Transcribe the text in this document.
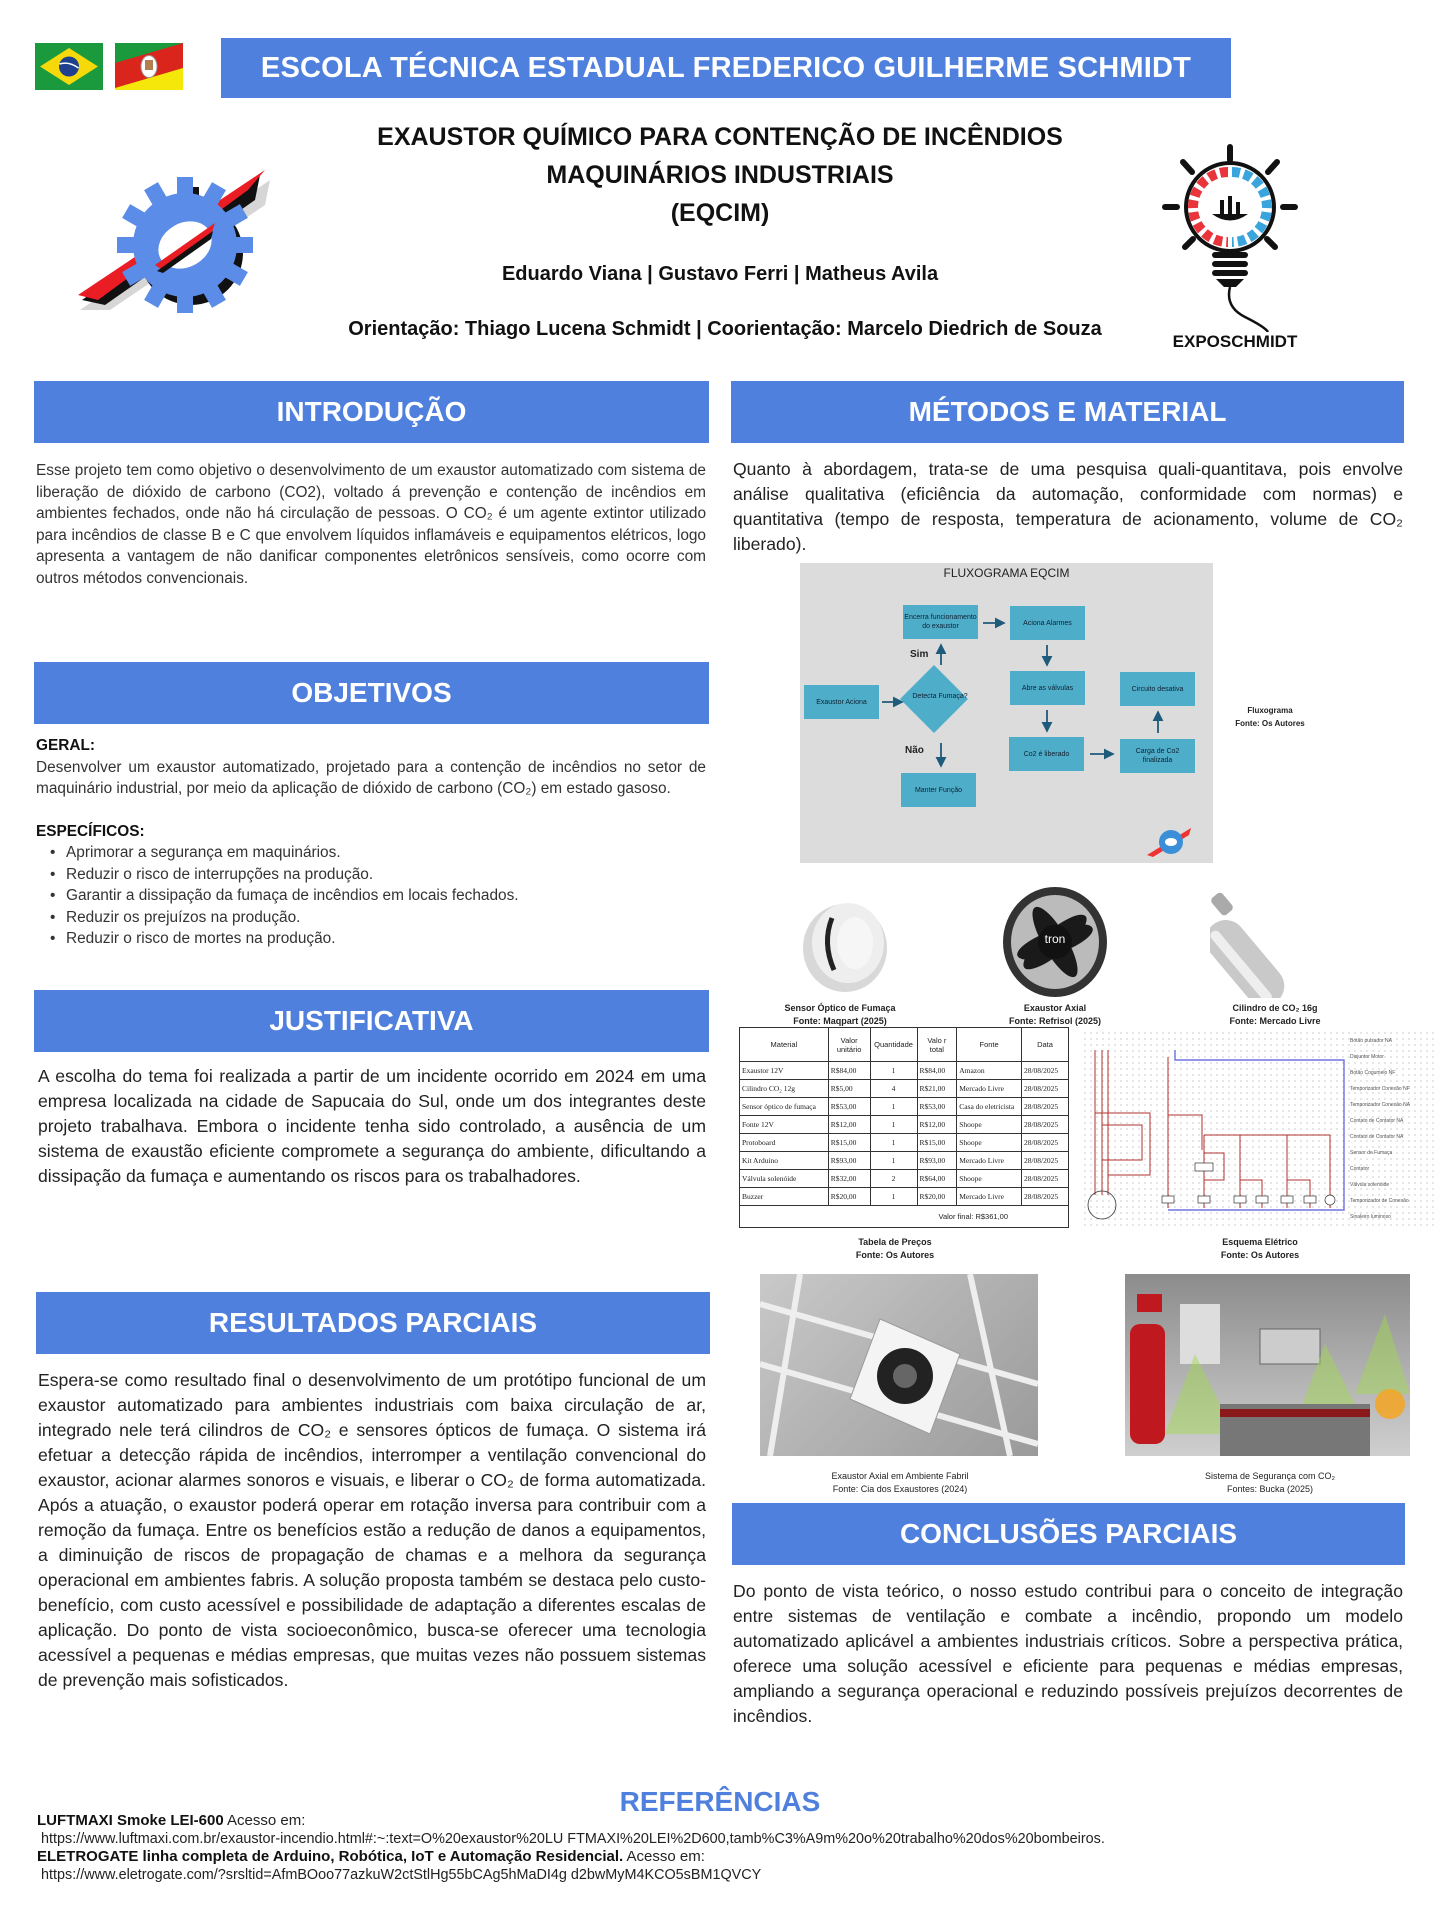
ESCOLA TÉCNICA ESTADUAL FREDERICO GUILHERME SCHMIDT
EXAUSTOR QUÍMICO PARA CONTENÇÃO DE INCÊNDIOS
MAQUINÁRIOS INDUSTRIAIS
(EQCIM)
Eduardo Viana | Gustavo Ferri | Matheus Avila
Orientação: Thiago Lucena Schmidt | Coorientação: Marcelo Diedrich de Souza
EXPOSCHMIDT
INTRODUÇÃO
Esse projeto tem como objetivo o desenvolvimento de um exaustor automatizado com sistema de liberação de dióxido de carbono (CO2), voltado á prevenção e contenção de incêndios em ambientes fechados, onde não há circulação de pessoas. O CO₂ é um agente extintor utilizado para incêndios de classe B e C que envolvem líquidos inflamáveis e equipamentos elétricos, logo apresenta a vantagem de não danificar componentes eletrônicos sensíveis, como ocorre com outros métodos convencionais.
OBJETIVOS
GERAL:
Desenvolver um exaustor automatizado, projetado para a contenção de incêndios no setor de maquinário industrial, por meio da aplicação de dióxido de carbono (CO₂) em estado gasoso.
ESPECÍFICOS:
• Aprimorar a segurança em maquinários.
• Reduzir o risco de interrupções na produção.
• Garantir a dissipação da fumaça de incêndios em locais fechados.
• Reduzir os prejuízos na produção.
• Reduzir o risco de mortes na produção.
JUSTIFICATIVA
A escolha do tema foi realizada a partir de um incidente ocorrido em 2024 em uma empresa localizada na cidade de Sapucaia do Sul, onde um dos integrantes deste projeto trabalhava. Embora o incidente tenha sido controlado, a ausência de um sistema de exaustão eficiente compromete a segurança do ambiente, dificultando a dissipação da fumaça e aumentando os riscos para os trabalhadores.
RESULTADOS PARCIAIS
Espera-se como resultado final o desenvolvimento de um protótipo funcional de um exaustor automatizado para ambientes industriais com baixa circulação de ar, integrado nele terá cilindros de CO₂ e sensores ópticos de fumaça. O sistema irá efetuar a detecção rápida de incêndios, interromper a ventilação convencional do exaustor, acionar alarmes sonoros e visuais, e liberar o CO₂ de forma automatizada. Após a atuação, o exaustor poderá operar em rotação inversa para contribuir com a remoção da fumaça. Entre os benefícios estão a redução de danos a equipamentos, a diminuição de riscos de propagação de chamas e a melhora da segurança operacional em ambientes fabris. A solução proposta também se destaca pelo custo-benefício, com custo acessível e possibilidade de adaptação a diferentes escalas de aplicação. Do ponto de vista socioeconômico, busca-se oferecer uma tecnologia acessível a pequenas e médias empresas, que muitas vezes não possuem sistemas de prevenção mais sofisticados.
MÉTODOS E MATERIAL
Quanto à abordagem, trata-se de uma pesquisa quali-quantitava, pois envolve análise qualitativa (eficiência da automação, conformidade com normas) e quantitativa (tempo de resposta, temperatura de acionamento, volume de CO₂ liberado).
FLUXOGRAMA EQCIM
Exaustor Aciona
Detecta Fumaça?
Encerra funcionamento do exaustor
Manter Função
Aciona Alarmes
Abre as válvulas
Co2 é liberado	Carga de Co2 finalizada
Circuito desativa
Sim
Não
Fluxograma
Fonte: Os Autores
tron
Sensor Óptico de Fumaça
Fonte: Maqpart (2025)
Exaustor Axial
Fonte: Refrisol (2025)
Cilindro de CO₂ 16g
Fonte: Mercado Livre
Material	Valor unitário	Quantidade	Valo r total	Fonte	Data
Exaustor 12V	R$84,00	1	R$84,00	Amazon	28/08/2025
Cilindro CO₂ 12g	R$5,00	4	R$21,00	Mercado Livre	28/08/2025
Sensor óptico de fumaça	R$53,00	1	R$53,00	Casa do eletricista	28/08/2025
Fonte 12V	R$12,00	1	R$12,00	Shoope	28/08/2025
Protoboard	R$15,00	1	R$15,00	Shoope	28/08/2025
Kit Arduino	R$93,00	1	R$93,00	Mercado Livre	28/08/2025
Válvula solenóide	R$32,00	2	R$64,00	Shoope	28/08/2025
Buzzer	R$20,00	1	R$20,00	Mercado Livre	28/08/2025
Valor final: R$361,00					
Tabela de Preços
Fonte: Os Autores
Botão pulsador NA
Disjuntor Motor
Botão Cogumelo NF
Temporizador Conexão NF
Temporizador Conexão NA
Contato de Contator NA
Contato de Contator NA
Sensor de Fumaça
Contator
Válvula solenóide
Temporizador de Conexão
Sinaleiro luminoso
Esquema Elétrico
Fonte: Os Autores
Exaustor Axial em Ambiente Fabril
Fonte: Cia dos Exaustores (2024)
Sistema de Segurança com CO₂
Fontes: Bucka (2025)
CONCLUSÕES PARCIAIS
Do ponto de vista teórico, o nosso estudo contribui para o conceito de integração entre sistemas de ventilação e combate a incêndio, propondo um modelo automatizado aplicável a ambientes industriais críticos. Sobre a perspectiva prática, oferece uma solução acessível e eficiente para pequenas e médias empresas, ampliando a segurança operacional e reduzindo possíveis prejuízos decorrentes de incêndios.
REFERÊNCIAS
LUFTMAXI Smoke LEI-600 Acesso em:
https://www.luftmaxi.com.br/exaustor-incendio.html#:~:text=O%20exaustor%20LU FTMAXI%20LEI%2D600,tamb%C3%A9m%20o%20trabalho%20dos%20bombeiros.
ELETROGATE linha completa de Arduino, Robótica, IoT e Automação Residencial. Acesso em:
https://www.eletrogate.com/?srsltid=AfmBOoo77azkuW2ctStlHg55bCAg5hMaDI4g d2bwMyM4KCO5sBM1QVCY
